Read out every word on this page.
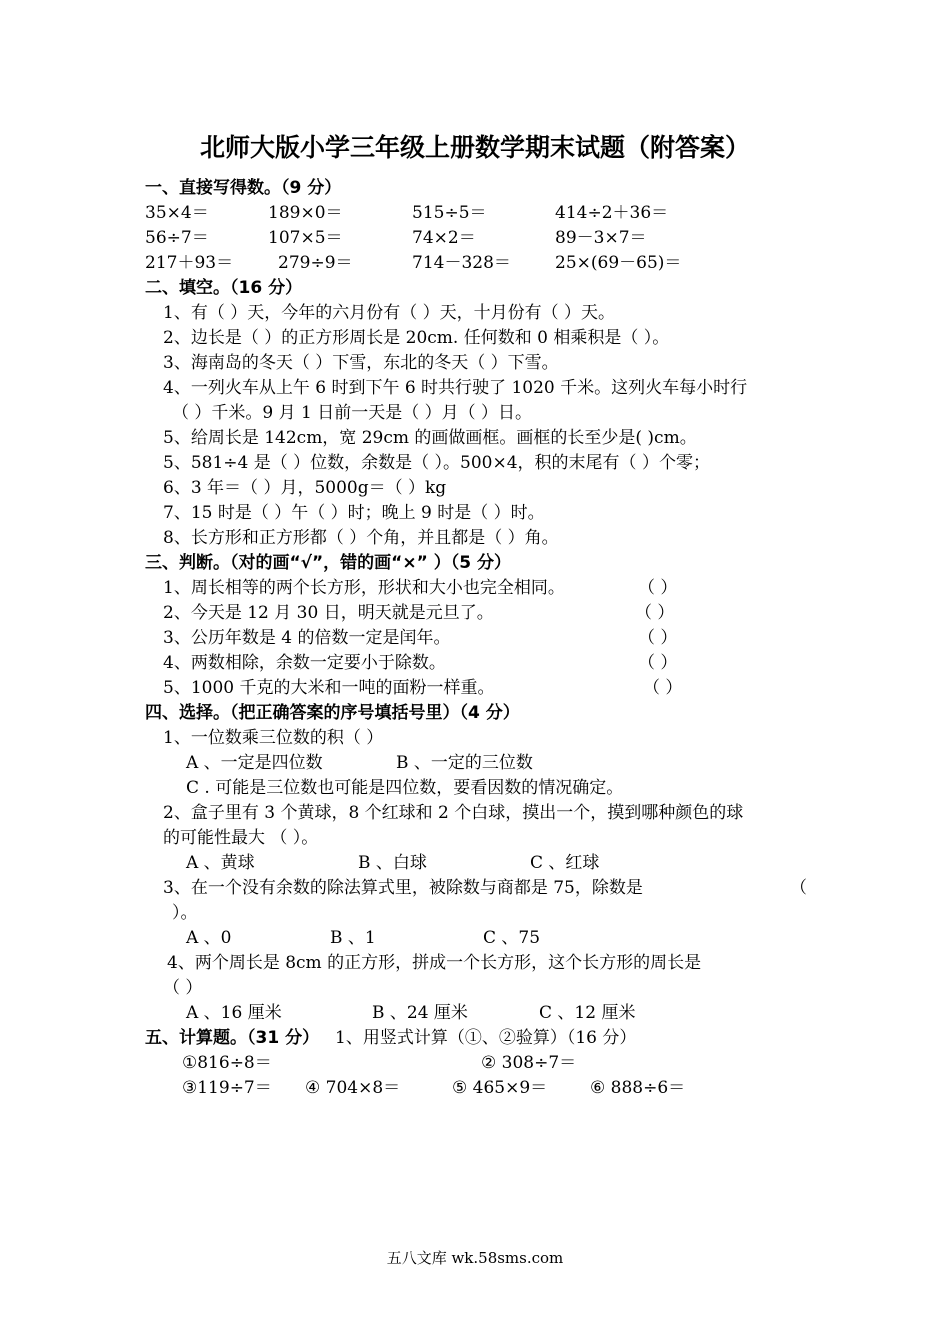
北师大版小学三年级上册数学期末试题（附答案）
一、直接写得数。（9 分）
35×4＝	189×0＝	515÷5＝	414÷2＋36＝
56÷7＝	107×5＝	74×2＝	89－3×7＝
217＋93＝	279÷9＝	714－328＝	25×(69－65)＝
二、填空。（16 分）
1、有（ ）天，今年的六月份有（ ）天，十月份有（ ）天。
2、边长是（ ）的正方形周长是 20cm. 任何数和 0 相乘积是（ ）。
3、海南岛的冬天（ ）下雪，东北的冬天（ ）下雪。
4、一列火车从上午 6 时到下午 6 时共行驶了 1020 千米。这列火车每小时行
（ ）千米。9 月 1 日前一天是（ ）月（ ）日。
5、给周长是 142cm，宽 29cm 的画做画框。画框的长至少是( )cm。
5、581÷4 是（ ）位数，余数是（ ）。500×4，积的末尾有（ ）个零；
6、3 年＝（ ）月，5000g＝（ ）kg
7、15 时是（ ）午（ ）时；晚上 9 时是（ ）时。
8、长方形和正方形都（ ）个角，并且都是（ ）角。
三、判断。（对的画“√”，错的画“×” ）（5 分）
1、周长相等的两个长方形，形状和大小也完全相同。	（ ）
2、今天是 12 月 30 日，明天就是元旦了。	（ ）
3、公历年数是 4 的倍数一定是闰年。	（ ）
4、两数相除，余数一定要小于除数。	（ ）
5、1000 千克的大米和一吨的面粉一样重。	（ ）
四、选择。（把正确答案的序号填括号里）（4 分）
1、一位数乘三位数的积（ ）
A 、一定是四位数	B 、一定的三位数
C . 可能是三位数也可能是四位数，要看因数的情况确定。
2、盒子里有 3 个黄球，8 个红球和 2 个白球，摸出一个，摸到哪种颜色的球
的可能性最大 （ ）。
A 、黄球	B 、白球	C 、红球
3、在一个没有余数的除法算式里，被除数与商都是 75，除数是	（
）。
A 、0	B 、1	C 、75
4、两个周长是 8cm 的正方形，拼成一个长方形，这个长方形的周长是
（ ）
A 、16 厘米	B 、24 厘米	C 、12 厘米
五、计算题。（31 分） 1、用竖式计算（①、②验算）（16 分）
①816÷8＝	② 308÷7＝
③119÷7＝ ④ 704×8＝	⑤ 465×9＝	⑥ 888÷6＝
五八文库 wk.58sms.com
